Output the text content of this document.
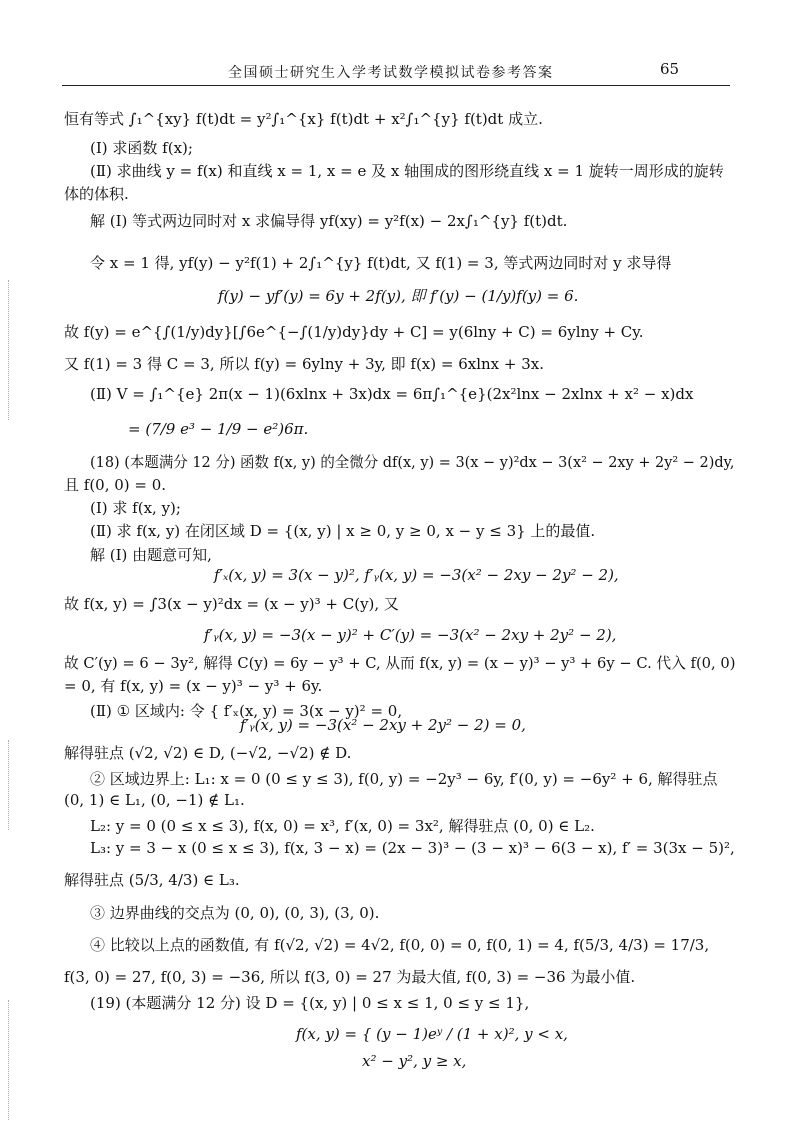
全国硕士研究生入学考试数学模拟试卷参考答案	65
恒有等式 ∫₁^{xy} f(t)dt = y²∫₁^{x} f(t)dt + x²∫₁^{y} f(t)dt 成立.
(Ⅰ) 求函数 f(x);
(Ⅱ) 求曲线 y = f(x) 和直线 x = 1, x = e 及 x 轴围成的图形绕直线 x = 1 旋转一周形成的旋转
体的体积.
解 (Ⅰ) 等式两边同时对 x 求偏导得 yf(xy) = y²f(x) − 2x∫₁^{y} f(t)dt.
令 x = 1 得, yf(y) − y²f(1) + 2∫₁^{y} f(t)dt, 又 f(1) = 3, 等式两边同时对 y 求导得
f(y) − yf′(y) = 6y + 2f(y), 即 f′(y) − (1/y)f(y) = 6.
故 f(y) = e^{∫(1/y)dy}[∫6e^{−∫(1/y)dy}dy + C] = y(6lny + C) = 6ylny + Cy.
又 f(1) = 3 得 C = 3, 所以 f(y) = 6ylny + 3y, 即 f(x) = 6xlnx + 3x.
(Ⅱ) V = ∫₁^{e} 2π(x − 1)(6xlnx + 3x)dx = 6π∫₁^{e}(2x²lnx − 2xlnx + x² − x)dx
= (7/9 e³ − 1/9 − e²)6π.
(18) (本题满分 12 分) 函数 f(x, y) 的全微分 df(x, y) = 3(x − y)²dx − 3(x² − 2xy + 2y² − 2)dy,
且 f(0, 0) = 0.
(Ⅰ) 求 f(x, y);
(Ⅱ) 求 f(x, y) 在闭区域 D = {(x, y) | x ≥ 0, y ≥ 0, x − y ≤ 3} 上的最值.
解 (Ⅰ) 由题意可知,
f′ₓ(x, y) = 3(x − y)², f′ᵧ(x, y) = −3(x² − 2xy − 2y² − 2),
故 f(x, y) = ∫3(x − y)²dx = (x − y)³ + C(y), 又
f′ᵧ(x, y) = −3(x − y)² + C′(y) = −3(x² − 2xy + 2y² − 2),
故 C′(y) = 6 − 3y², 解得 C(y) = 6y − y³ + C, 从而 f(x, y) = (x − y)³ − y³ + 6y − C. 代入 f(0, 0)
= 0, 有 f(x, y) = (x − y)³ − y³ + 6y.
(Ⅱ) ① 区域内: 令 { f′ₓ(x, y) = 3(x − y)² = 0,
f′ᵧ(x, y) = −3(x² − 2xy + 2y² − 2) = 0,
解得驻点 (√2, √2) ∈ D, (−√2, −√2) ∉ D.
② 区域边界上: L₁: x = 0 (0 ≤ y ≤ 3), f(0, y) = −2y³ − 6y, f′(0, y) = −6y² + 6, 解得驻点
(0, 1) ∈ L₁, (0, −1) ∉ L₁.
L₂: y = 0 (0 ≤ x ≤ 3), f(x, 0) = x³, f′(x, 0) = 3x², 解得驻点 (0, 0) ∈ L₂.
L₃: y = 3 − x (0 ≤ x ≤ 3), f(x, 3 − x) = (2x − 3)³ − (3 − x)³ − 6(3 − x), f′ = 3(3x − 5)²,
解得驻点 (5/3, 4/3) ∈ L₃.
③ 边界曲线的交点为 (0, 0), (0, 3), (3, 0).
④ 比较以上点的函数值, 有 f(√2, √2) = 4√2, f(0, 0) = 0, f(0, 1) = 4, f(5/3, 4/3) = 17/3,
f(3, 0) = 27, f(0, 3) = −36, 所以 f(3, 0) = 27 为最大值, f(0, 3) = −36 为最小值.
(19) (本题满分 12 分) 设 D = {(x, y) | 0 ≤ x ≤ 1, 0 ≤ y ≤ 1},
f(x, y) = { (y − 1)eʸ / (1 + x)², y < x,
x² − y², y ≥ x,
